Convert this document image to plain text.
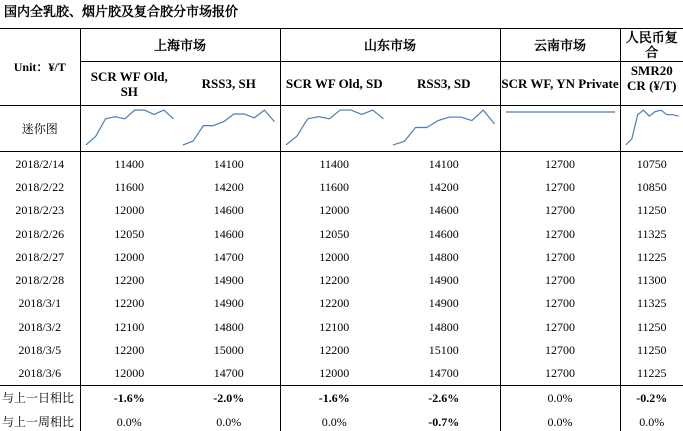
国内全乳胶、烟片胶及复合胶分市场报价
Unit：¥/T	上海市场		山东市场		云南市场	人民币复合
	SCR WF Old, SH	RSS3, SH	SCR WF Old, SD	RSS3, SD	SCR WF, YN Private	SMR20 CR (¥/T)

迷你图	

2018/2/14	11400	14100	11400	14100	12700	10750
2018/2/22	11600	14200	11600	14200	12700	10850
2018/2/23	12000	14600	12000	14600	12700	11250
2018/2/26	12050	14600	12050	14600	12700	11325
2018/2/27	12000	14700	12000	14800	12700	11225
2018/2/28	12200	14900	12200	14900	12700	11300
2018/3/1	12200	14900	12200	14900	12700	11325
2018/3/2	12100	14800	12100	14800	12700	11250
2018/3/5	12200	15000	12200	15100	12700	11250
2018/3/6	12000	14700	12000	14700	12700	11225
与上一日相比	-1.6%	-2.0%	-1.6%	-2.6%	0.0%	-0.2%
与上一周相比	0.0%	0.0%	0.0%	-0.7%	0.0%	0.0%
